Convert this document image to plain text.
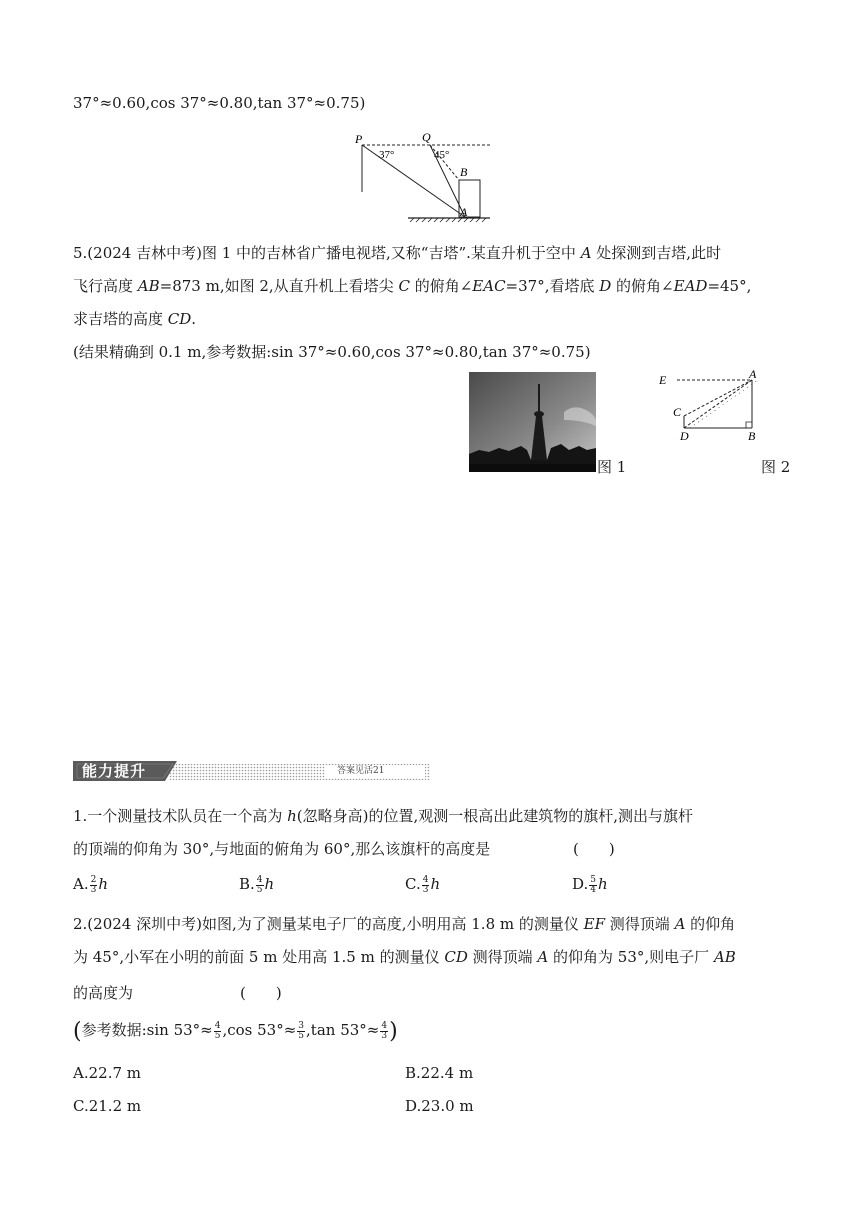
37°≈0.60,cos 37°≈0.80,tan 37°≈0.75)
P	Q
37°	45°
B
A
5.(2024 吉林中考)图 1 中的吉林省广播电视塔,又称“吉塔”.某直升机于空中 A 处探测到吉塔,此时
飞行高度 AB=873 m,如图 2,从直升机上看塔尖 C 的俯角∠EAC=37°,看塔底 D 的俯角∠EAD=45°,
求吉塔的高度 CD.
(结果精确到 0.1 m,参考数据:sin 37°≈0.60,cos 37°≈0.80,tan 37°≈0.75)
图 1
E	A
C
D	B
图 2
能力提升	答案见活21
1.一个测量技术队员在一个高为 h(忽略身高)的位置,观测一根高出此建筑物的旗杆,测出与旗杆
的顶端的仰角为 30°,与地面的俯角为 60°,那么该旗杆的高度是	(　　)
A. $\frac{2}{3}$ h	B. $\frac{4}{5}$ h	C. $\frac{4}{3}$ h	D. $\frac{5}{4}$ h
2.(2024 深圳中考)如图,为了测量某电子厂的高度,小明用高 1.8 m 的测量仪 EF 测得顶端 A 的仰角
为 45°,小军在小明的前面 5 m 处用高 1.5 m 的测量仪 CD 测得顶端 A 的仰角为 53°,则电子厂 AB
的高度为	(　　)
(参考数据:sin $53^\circ\approx \frac{4}{5} ,\cos$ $53^\circ\approx \frac{3}{5} ,\tan$ $53^\circ\approx \frac{4}{3}$ )
A.22.7 m	B.22.4 m
C.21.2 m	D.23.0 m
